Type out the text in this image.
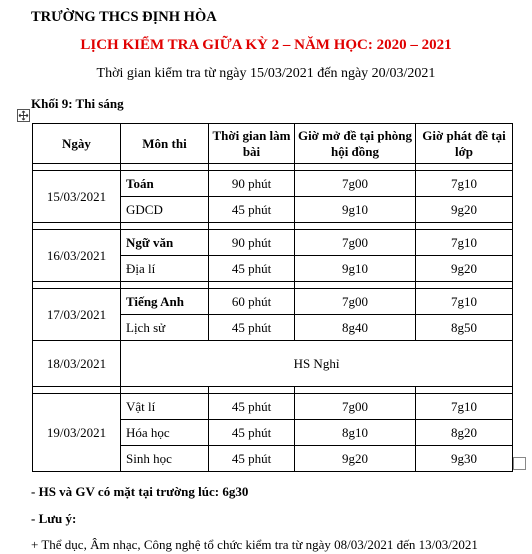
TRƯỜNG THCS ĐỊNH HÒA
LỊCH KIỂM TRA GIỮA KỲ 2 – NĂM HỌC: 2020 – 2021
Thời gian kiểm tra từ ngày 15/03/2021 đến ngày 20/03/2021
Khối 9: Thi sáng
Ngày	Môn thi	Thời gian làm bài	Giờ mở đề tại phòng hội đồng	Giờ phát đề tại lớp

15/03/2021	Toán	90 phút	7g00	7g10
	GDCD	45 phút	9g10	9g20

16/03/2021	Ngữ văn	90 phút	7g00	7g10
	Địa lí	45 phút	9g10	9g20

17/03/2021	Tiếng Anh	60 phút	7g00	7g10
	Lịch sử	45 phút	8g40	8g50
18/03/2021	HS Nghỉ			

19/03/2021	Vật lí	45 phút	7g00	7g10
	Hóa học	45 phút	8g10	8g20
	Sinh học	45 phút	9g20	9g30
- HS và GV có mặt tại trường lúc: 6g30
- Lưu ý:
+ Thể dục, Âm nhạc, Công nghệ tổ chức kiểm tra từ ngày 08/03/2021 đến 13/03/2021
